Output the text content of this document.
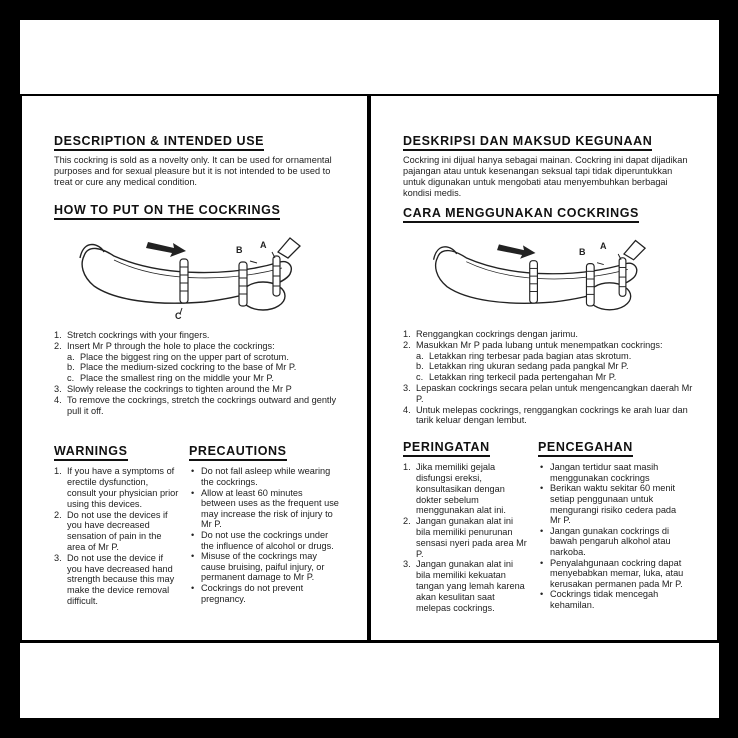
DESCRIPTION & INTENDED USE

This cockring is sold as a novelty only. It can be used for ornamental purposes and for sexual pleasure but it is not intended to be used to treat or cure any medical condition.

HOW TO PUT ON THE COCKRINGS
A
B
C
1. Stretch cockrings with your fingers.
2. Insert Mr P through the hole to place the cockrings:
a. Place the biggest ring on the upper part of scrotum.
b. Place the medium-sized cockring to the base of Mr P.
c. Place the smallest ring on the middle your Mr P.
3. Slowly release the cockrings to tighten around the Mr P
4. To remove the cockrings, stretch the cockrings outward and gently pull it off.
WARNINGS
1. If you have a symptoms of erectile dysfunction, consult your physician prior using this devices.
2. Do not use the devices if you have decreased sensation of pain in the area of Mr P.
3. Do not use the device if you have decreased hand strength because this may make the device removal difficult.
PRECAUTIONS
• Do not fall asleep while wearing the cockrings.
• Allow at least 60 minutes between uses as the frequent use may increase the risk of injury to Mr P.
• Do not use the cockrings under the influence of alcohol or drugs.
• Misuse of the cockrings may cause bruising, paiful injury, or permanent damage to Mr P.
• Cockrings do not prevent pregnancy.
DESKRIPSI DAN MAKSUD KEGUNAAN

Cockring ini dijual hanya sebagai mainan. Cockring ini dapat dijadikan pajangan atau untuk kesenangan seksual tapi tidak diperuntukkan untuk digunakan untuk mengobati atau menyembuhkan berbagai kondisi medis.

CARA MENGGUNAKAN COCKRINGS
A
B
1. Renggangkan cockrings dengan jarimu.
2. Masukkan Mr P pada lubang untuk menempatkan cockrings:
a. Letakkan ring terbesar pada bagian atas skrotum.
b. Letakkan ring ukuran sedang pada pangkal Mr P.
c. Letakkan ring terkecil pada pertengahan Mr P.
3. Lepaskan cockrings secara pelan untuk mengencangkan daerah Mr P.
4. Untuk melepas cockrings, renggangkan cockrings ke arah luar dan tarik keluar dengan lembut.
PERINGATAN
1. Jika memiliki gejala disfungsi ereksi, konsultasikan dengan dokter sebelum menggunakan alat ini.
2. Jangan gunakan alat ini bila memiliki penurunan sensasi nyeri pada area Mr P.
3. Jangan gunakan alat ini bila memiliki kekuatan tangan yang lemah karena akan kesulitan saat melepas cockrings.
PENCEGAHAN
• Jangan tertidur saat masih menggunakan cockrings
• Berikan waktu sekitar 60 menit setiap penggunaan untuk mengurangi risiko cedera pada Mr P.
• Jangan gunakan cockrings di bawah pengaruh alkohol atau narkoba.
• Penyalahgunaan cockring dapat menyebabkan memar, luka, atau kerusakan permanen pada Mr P.
• Cockrings tidak mencegah kehamilan.
